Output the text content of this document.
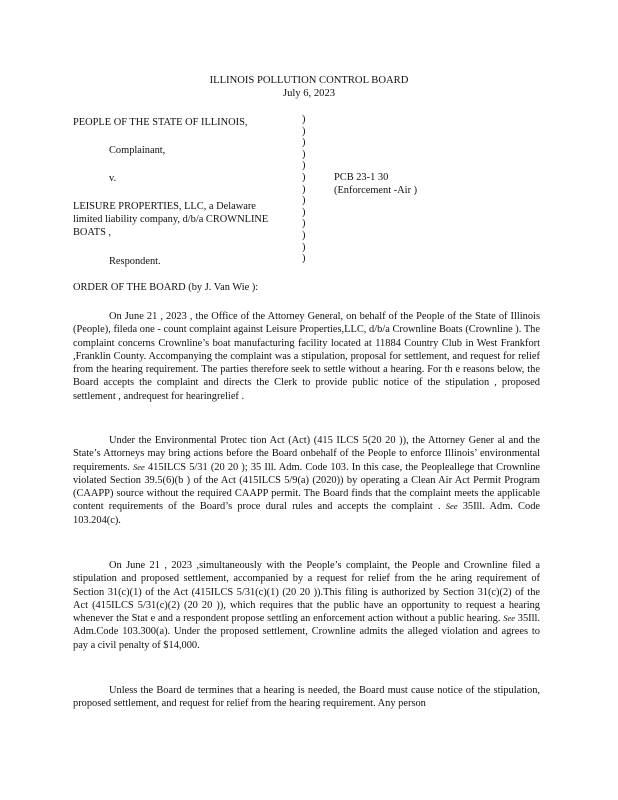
ILLINOIS POLLUTION CONTROL BOARD
July 6, 2023
PEOPLE OF THE STATE OF ILLINOIS,
Complainant,
v.
LEISURE PROPERTIES, LLC, a Delaware
limited liability company, d/b/a CROWNLINE
BOATS ,
Respondent.
)
)
)
)
)
)
)
)
)
)
)
)
)
PCB 23-1 30
(Enforcement -Air )
ORDER OF THE BOARD (by J. Van Wie ):
On June 21 , 2023 , the Office of the Attorney General, on behalf of the People of the State of Illinois (People), fileda one - count complaint against Leisure Properties,LLC, d/b/a Crownline Boats (Crownline ). The complaint concerns Crownline’s boat manufacturing facility located at 11884 Country Club in West Frankfort ,Franklin County. Accompanying the complaint was a stipulation, proposal for settlement, and request for relief from the hearing requirement. The parties therefore seek to settle without a hearing. For th e reasons below, the Board accepts the complaint and directs the Clerk to provide public notice of the stipulation , proposed settlement , andrequest for hearingrelief .
Under the Environmental Protec tion Act (Act) (415 ILCS 5(20 20 )), the Attorney Gener al and the State’s Attorneys may bring actions before the Board onbehalf of the People to enforce Illinois’ environmental requirements. See 415ILCS 5/31 (20 20 ); 35 Ill. Adm. Code 103. In this case, the Peopleallege that Crownline violated Section 39.5(6)(b ) of the Act (415ILCS 5/9(a) (2020)) by operating a Clean Air Act Permit Program (CAAPP) source without the required CAAPP permit. The Board finds that the complaint meets the applicable content requirements of the Board’s proce dural rules and accepts the complaint . See 35Ill. Adm. Code 103.204(c).
On June 21 , 2023 ,simultaneously with the People’s complaint, the People and Crownline filed a stipulation and proposed settlement, accompanied by a request for relief from the he aring requirement of Section 31(c)(1) of the Act (415ILCS 5/31(c)(1) (20 20 )).This filing is authorized by Section 31(c)(2) of the Act (415ILCS 5/31(c)(2) (20 20 )), which requires that the public have an opportunity to request a hearing whenever the Stat e and a respondent propose settling an enforcement action without a public hearing. See 35Ill. Adm.Code 103.300(a). Under the proposed settlement, Crownline admits the alleged violation and agrees to pay a civil penalty of $14,000.
Unless the Board de termines that a hearing is needed, the Board must cause notice of the stipulation, proposed settlement, and request for relief from the hearing requirement. Any person
